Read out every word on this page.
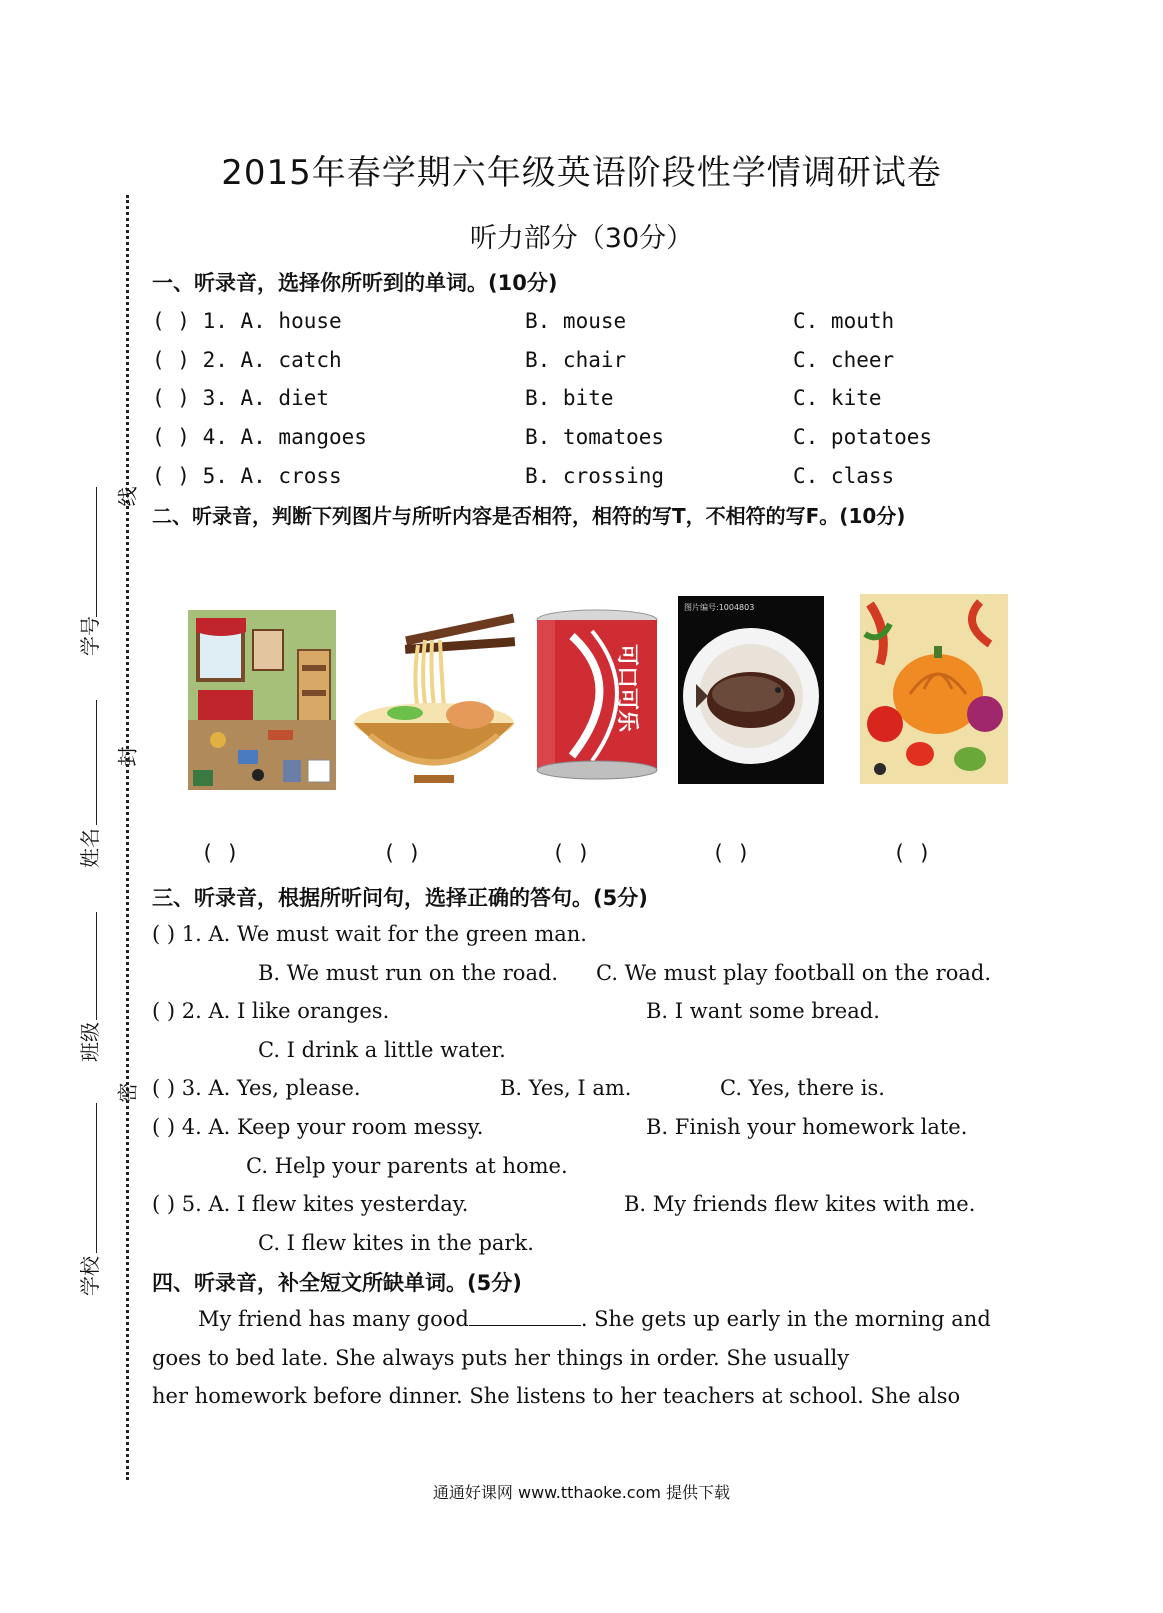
2015年春学期六年级英语阶段性学情调研试卷
听力部分（30分）
线
封
密
学号
姓名
班级
学校
一、听录音，选择你所听到的单词。(10分)
( ) 1. A. house	B. mouse	C. mouth
( ) 2. A. catch	B. chair	C. cheer
( ) 3. A. diet	B. bite	C. kite
( ) 4. A. mangoes	B. tomatoes	C. potatoes
( ) 5. A. cross	B. crossing	C. class
二、听录音，判断下列图片与所听内容是否相符，相符的写T，不相符的写F。(10分)
可口可乐
图片编号:1004803
( )	( )	( )	( )	( )
三、听录音，根据所听问句，选择正确的答句。(5分)
( ) 1. A. We must wait for the green man.
B. We must run on the road. C. We must play football on the road.
( ) 2. A. I like oranges.	B. I want some bread.
C. I drink a little water.
( ) 3. A. Yes, please.	B. Yes, I am.	C. Yes, there is.
( ) 4. A. Keep your room messy.	B. Finish your homework late.
C. Help your parents at home.
( ) 5. A. I flew kites yesterday.	B. My friends flew kites with me.
C. I flew kites in the park.
四、听录音，补全短文所缺单词。(5分)
My friend has many good	. She gets up early in the morning and
goes to bed late. She always puts her things in order. She usually
her homework before dinner. She listens to her teachers at school. She also
通通好课网 www.tthaoke.com 提供下载
